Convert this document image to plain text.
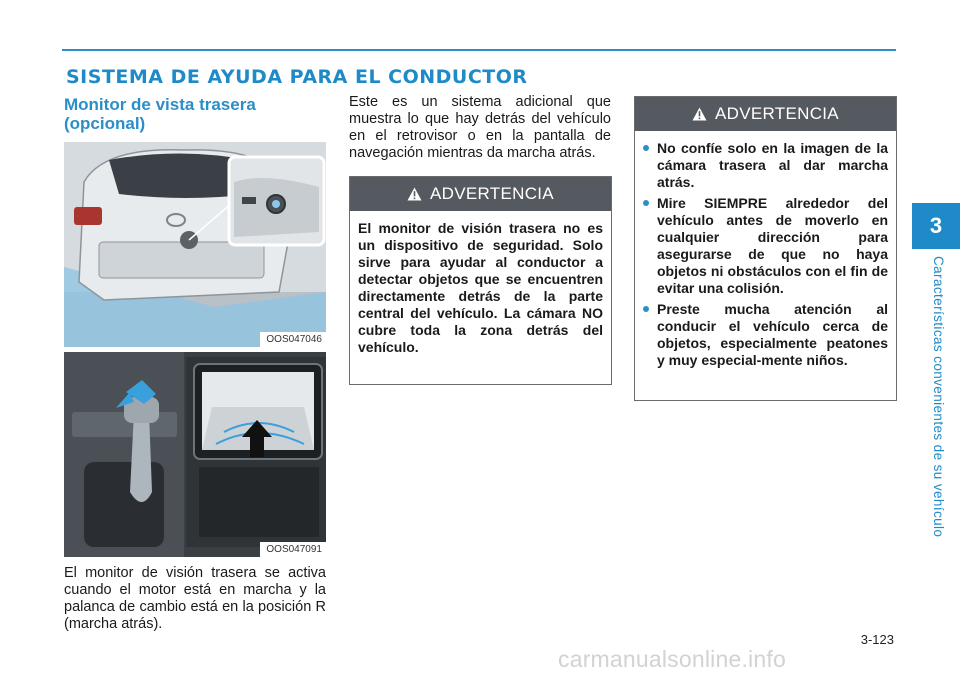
SISTEMA DE AYUDA PARA EL CONDUCTOR
Monitor de vista trasera (opcional)
OOS047046
OOS047091

El monitor de visión trasera se activa cuando el motor está en marcha y la palanca de cambio está en la posición R (marcha atrás).

Este es un sistema adicional que muestra lo que hay detrás del vehículo en el retrovisor o en la pantalla de navegación mientras da marcha atrás.

ADVERTENCIA

El monitor de visión trasera no es un dispositivo de seguridad. Solo sirve para ayudar al conductor a detectar objetos que se encuentren directamente detrás de la parte central del vehículo. La cámara NO cubre toda la zona detrás del vehículo.

ADVERTENCIA
No confíe solo en la imagen de la cámara trasera al dar marcha atrás.
Mire SIEMPRE alrededor del vehículo antes de moverlo en cualquier dirección para asegurarse de que no haya objetos ni obstáculos con el fin de evitar una colisión.
Preste mucha atención al conducir el vehículo cerca de objetos, especialmente peatones y muy especial-mente niños.
3
Características convenientes de su vehículo
3-123
carmanualsonline.info
